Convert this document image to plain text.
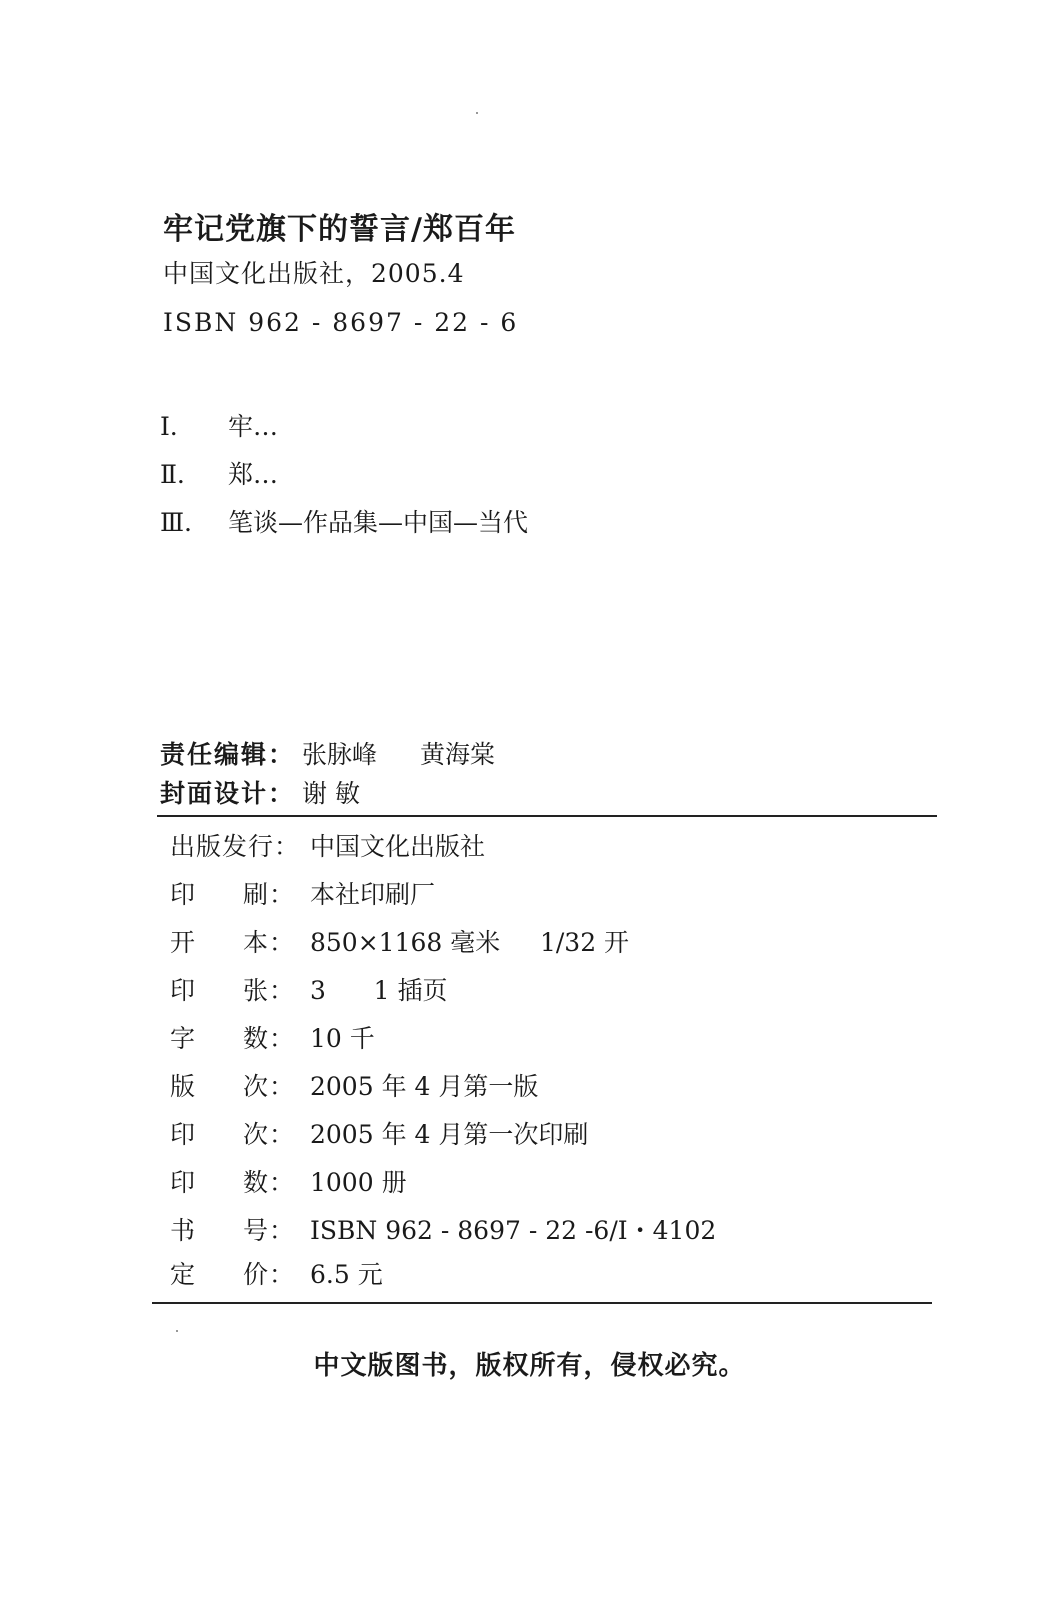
牢记党旗下的誓言/郑百年
中国文化出版社，2005.4
ISBN 962 - 8697 - 22 - 6
Ⅰ．	牢…
Ⅱ．	郑…
Ⅲ． 笔谈—作品集—中国—当代
责任编辑： 张脉峰	黄海棠
封面设计： 谢 敏
出版发行： 中国文化出版社
印 刷： 本社印刷厂
开 本： 850×1168 毫米     1/32 开
印 张： 3      1 插页
字 数： 10 千
版 次： 2005 年 4 月第一版
印 次： 2005 年 4 月第一次印刷
印 数： 1000 册
书 号： ISBN 962 - 8697 - 22 -6/I・4102
定 价： 6.5 元
中文版图书，版权所有，侵权必究。
